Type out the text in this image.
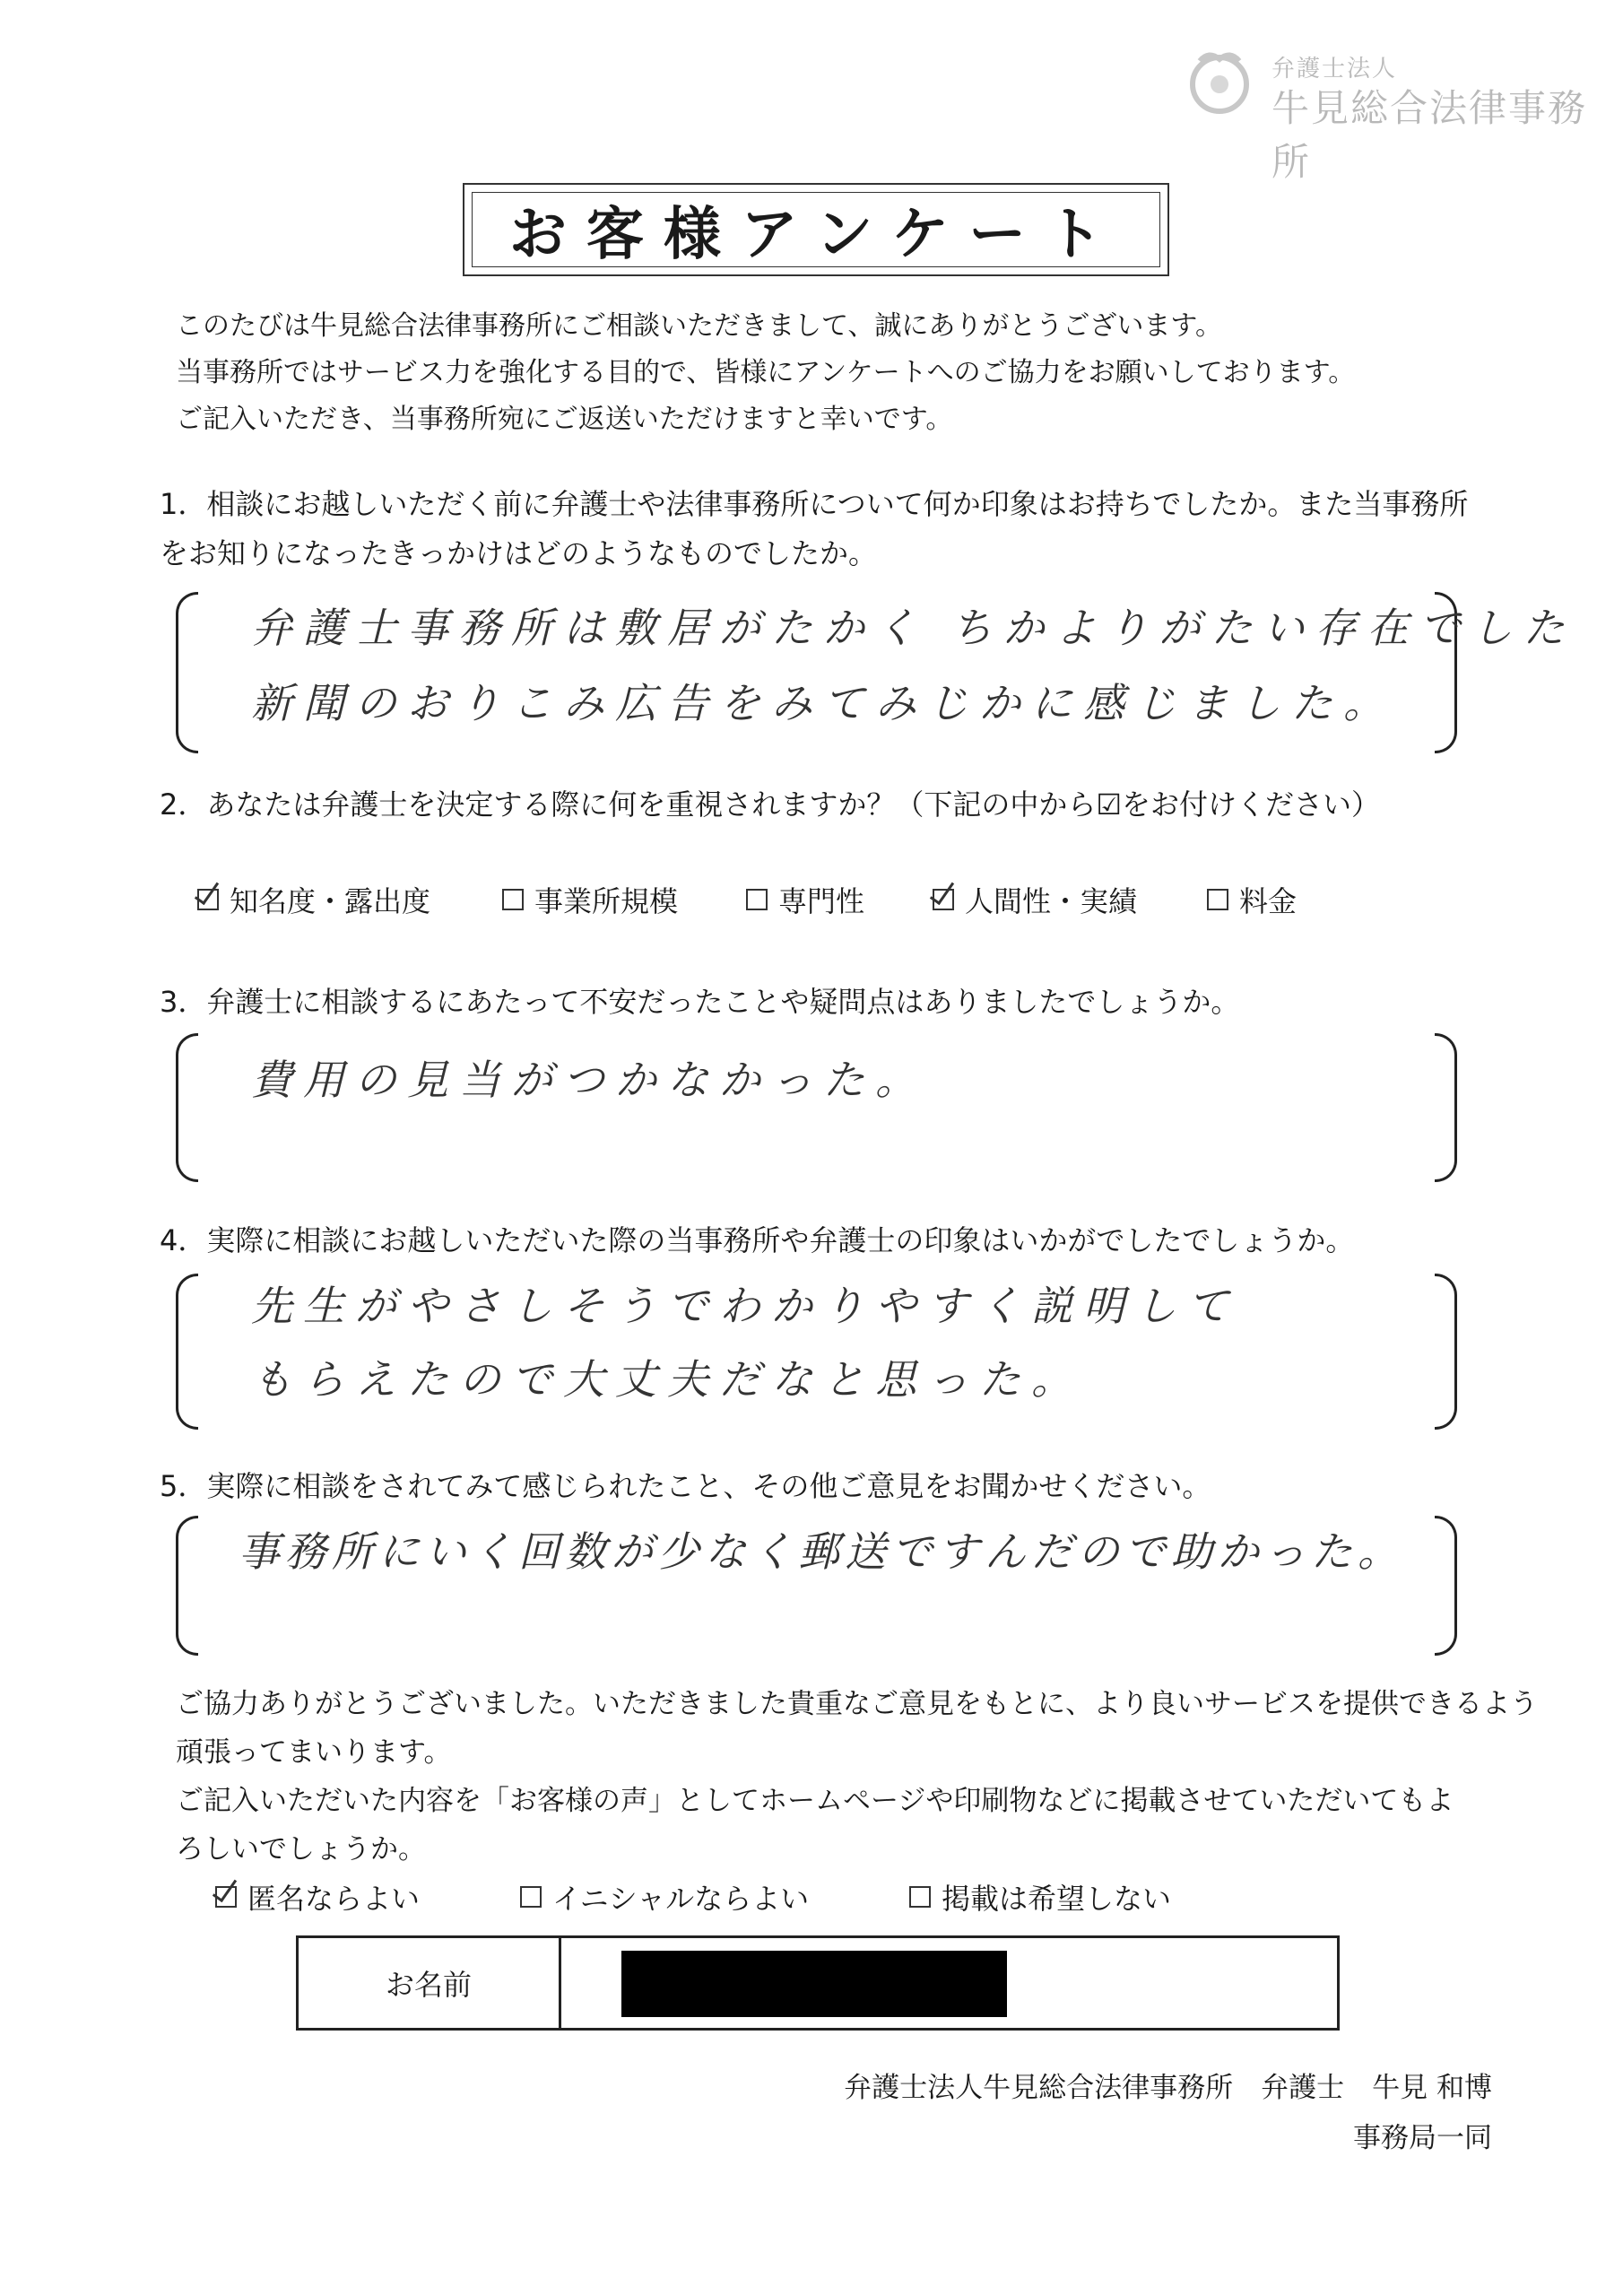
弁護士法人
牛見総合法律事務所
お客様アンケート
このたびは牛見総合法律事務所にご相談いただきまして、誠にありがとうございます。
当事務所ではサービス力を強化する目的で、皆様にアンケートへのご協力をお願いしております。
ご記入いただき、当事務所宛にご返送いただけますと幸いです。
1．相談にお越しいただく前に弁護士や法律事務所について何か印象はお持ちでしたか。また当事務所
をお知りになったきっかけはどのようなものでしたか。
弁護士事務所は敷居がたかく ちかよりがたい存在でした
新聞のおりこみ広告をみてみじかに感じました。
2．あなたは弁護士を決定する際に何を重視されますか？（下記の中から☑をお付けください）
知名度・露出度	事業所規模	専門性	人間性・実績	料金
3．弁護士に相談するにあたって不安だったことや疑問点はありましたでしょうか。
費用の見当がつかなかった。
4．実際に相談にお越しいただいた際の当事務所や弁護士の印象はいかがでしたでしょうか。
先生がやさしそうでわかりやすく説明して
もらえたので大丈夫だなと思った。
5．実際に相談をされてみて感じられたこと、その他ご意見をお聞かせください。
事務所にいく回数が少なく郵送ですんだので助かった。
ご協力ありがとうございました。いただきました貴重なご意見をもとに、より良いサービスを提供できるよう
頑張ってまいります。
ご記入いただいた内容を「お客様の声」としてホームページや印刷物などに掲載させていただいてもよ
ろしいでしょうか。
匿名ならよい	イニシャルならよい	掲載は希望しない
お名前
弁護士法人牛見総合法律事務所　弁護士　牛見 和博
事務局一同
